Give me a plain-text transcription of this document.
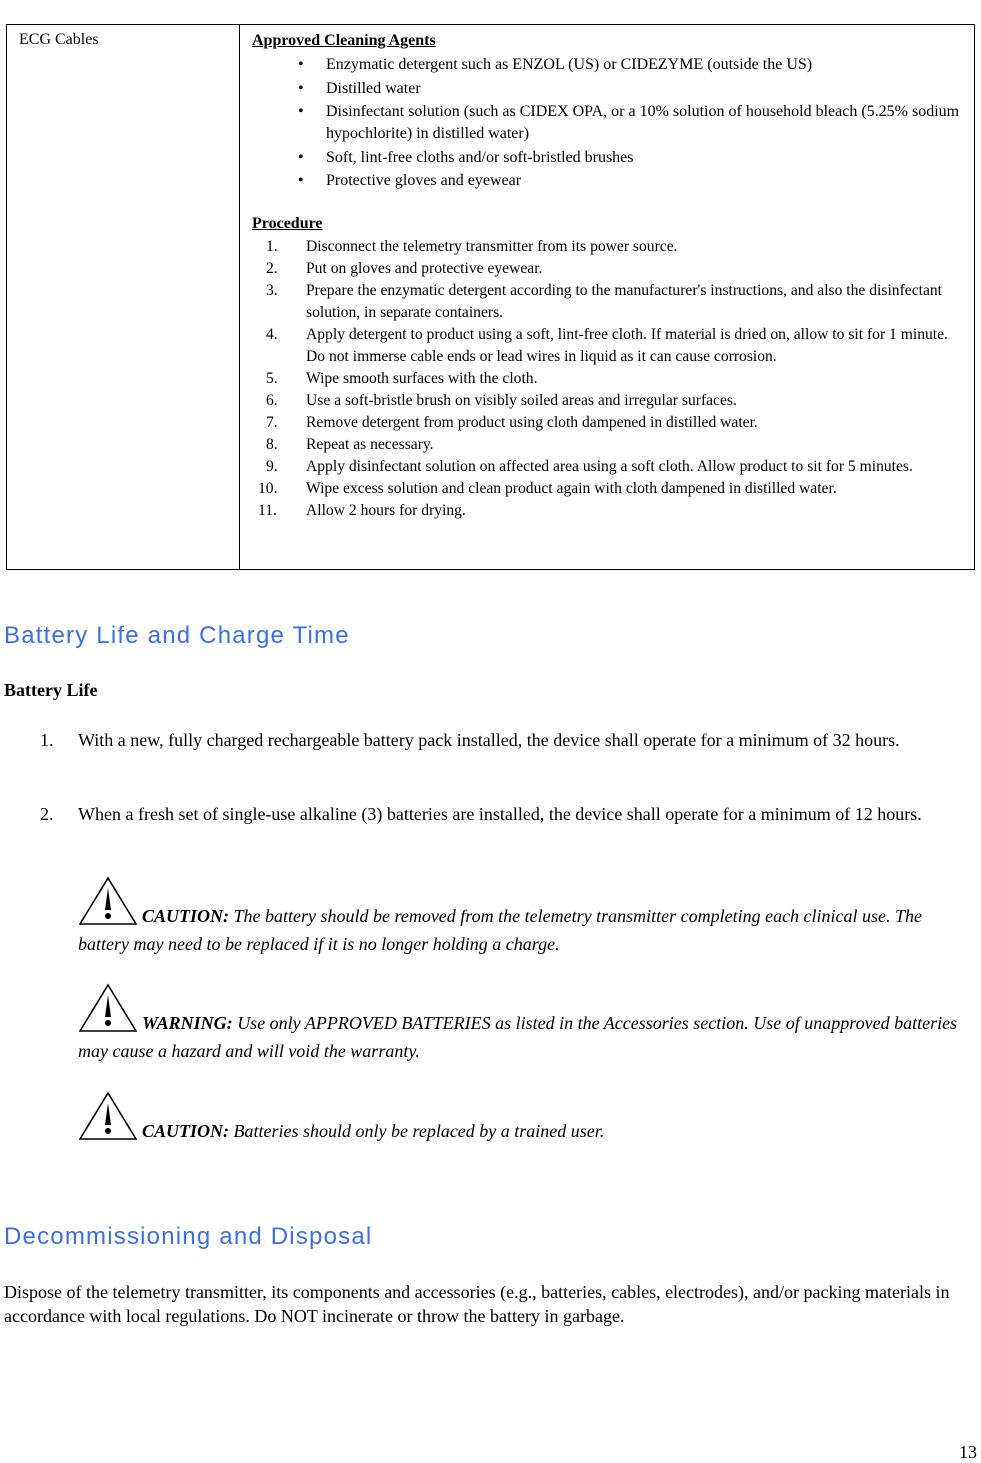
ECG Cables	Approved Cleaning Agents
• Enzymatic detergent such as ENZOL (US) or CIDEZYME (outside the US)
• Distilled water
• Disinfectant solution (such as CIDEX OPA, or a 10% solution of household bleach (5.25% sodium hypochlorite) in distilled water)
• Soft, lint-free cloths and/or soft-bristled brushes
• Protective gloves and eyewear
Procedure
1.	Disconnect the telemetry transmitter from its power source.
2.	Put on gloves and protective eyewear.
3.	Prepare the enzymatic detergent according to the manufacturer's instructions, and also the disinfectant solution, in separate containers.
4.	Apply detergent to product using a soft, lint-free cloth. If material is dried on, allow to sit for 1 minute. Do not immerse cable ends or lead wires in liquid as it can cause corrosion.
5.	Wipe smooth surfaces with the cloth.
6.	Use a soft-bristle brush on visibly soiled areas and irregular surfaces.
7.	Remove detergent from product using cloth dampened in distilled water.
8.	Repeat as necessary.
9.	Apply disinfectant solution on affected area using a soft cloth. Allow product to sit for 5 minutes.
10.	Wipe excess solution and clean product again with cloth dampened in distilled water.
11.	Allow 2 hours for drying.
Battery Life and Charge Time
Battery Life
1. With a new, fully charged rechargeable battery pack installed, the device shall operate for a minimum of 32 hours.
2. When a fresh set of single-use alkaline (3) batteries are installed, the device shall operate for a minimum of 12 hours.
CAUTION: The battery should be removed from the telemetry transmitter completing each clinical use. The battery may need to be replaced if it is no longer holding a charge.
WARNING: Use only APPROVED BATTERIES as listed in the Accessories section. Use of unapproved batteries may cause a hazard and will void the warranty.
CAUTION: Batteries should only be replaced by a trained user.
Decommissioning and Disposal

Dispose of the telemetry transmitter, its components and accessories (e.g., batteries, cables, electrodes), and/or packing materials in accordance with local regulations. Do NOT incinerate or throw the battery in garbage.

13
